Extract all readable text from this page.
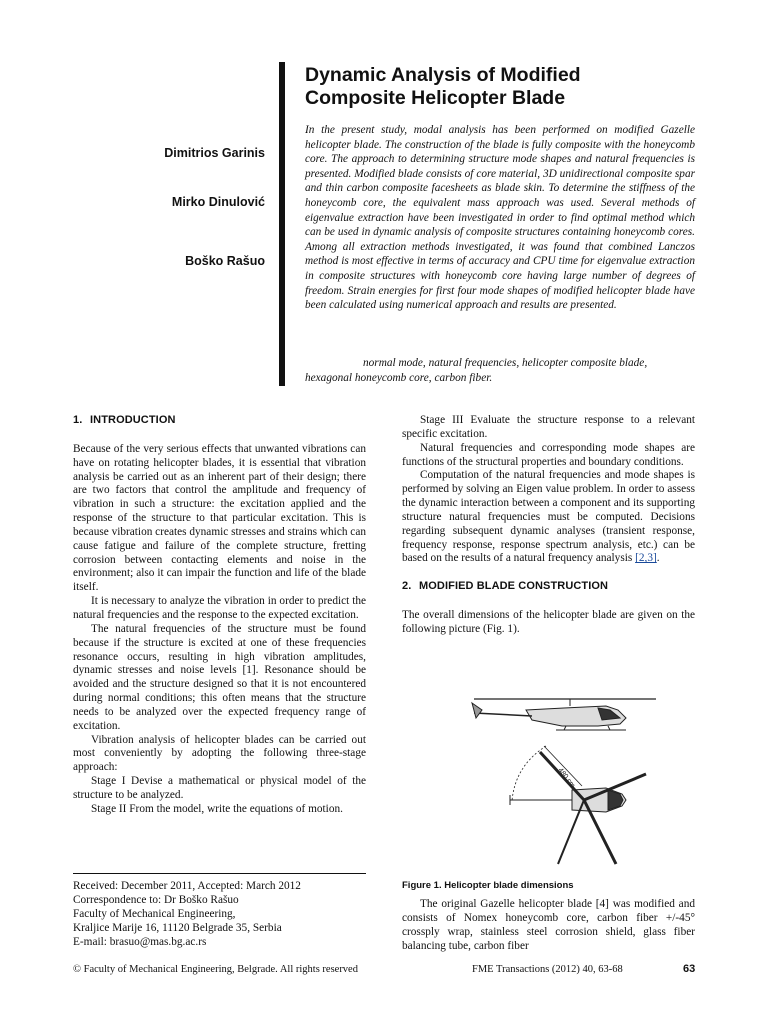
Dynamic Analysis of Modified
Composite Helicopter Blade
Dimitrios Garinis
Mirko Dinulović
Boško Rašuo

In the present study, modal analysis has been performed on modified Gazelle helicopter blade. The construction of the blade is fully composite with the honeycomb core. The approach to determining structure mode shapes and natural frequencies is presented. Modified blade consists of core material, 3D unidirectional composite spar and thin carbon composite facesheets as blade skin. To determine the stiffness of the honeycomb core, the equivalent mass approach was used. Several methods of eigenvalue extraction have been investigated in order to find optimal method which can be used in dynamic analysis of composite structures containing honeycomb cores. Among all extraction methods investigated, it was found that combined Lanczos method is most effective in terms of accuracy and CPU time for eigenvalue extraction in composite structures with honeycomb core having large number of degrees of freedom. Strain energies for first four mode shapes of modified helicopter blade have been calculated using numerical approach and results are presented.

normal mode, natural frequencies, helicopter composite blade, hexagonal honeycomb core, carbon fiber.

1. INTRODUCTION

Because of the very serious effects that unwanted vibrations can have on rotating helicopter blades, it is essential that vibration analysis be carried out as an inherent part of their design; there are two factors that control the amplitude and frequency of vibration in such a structure: the excitation applied and the response of the structure to that particular excitation. This is because vibration creates dynamic stresses and strains which can cause fatigue and failure of the complete structure, fretting corrosion between contacting elements and noise in the environment; also it can impair the function and life of the blade itself.

It is necessary to analyze the vibration in order to predict the natural frequencies and the response to the expected excitation.

The natural frequencies of the structure must be found because if the structure is excited at one of these frequencies resonance occurs, resulting in high vibration amplitudes, dynamic stresses and noise levels [1]. Resonance should be avoided and the structure designed so that it is not encountered during normal conditions; this often means that the structure needs to be analyzed over the expected frequency range of excitation.

Vibration analysis of helicopter blades can be carried out most conveniently by adopting the following three-stage approach:

Stage I Devise a mathematical or physical model of the structure to be analyzed.

Stage II From the model, write the equations of motion.

Received: December 2011, Accepted: March 2012
Correspondence to: Dr Boško Rašuo
Faculty of Mechanical Engineering,
Kraljice Marije 16, 11120 Belgrade 35, Serbia
E-mail: brasuo@mas.bg.ac.rs

Stage III Evaluate the structure response to a relevant specific excitation.

Natural frequencies and corresponding mode shapes are functions of the structural properties and boundary conditions.

Computation of the natural frequencies and mode shapes is performed by solving an Eigen value problem. In order to assess the dynamic interaction between a component and its supporting structure natural frequencies must be computed. Decisions regarding subsequent dynamic analyses (transient response, frequency response, response spectrum analysis, etc.) can be based on the results of a natural frequency analysis [2,3].

2. MODIFIED BLADE CONSTRUCTION

The overall dimensions of the helicopter blade are given on the following picture (Fig. 1).

480 cm
Figure 1. Helicopter blade dimensions

The original Gazelle helicopter blade [4] was modified and consists of Nomex honeycomb core, carbon fiber +/-45° crossply wrap, stainless steel corrosion shield, glass fiber balancing tube, carbon fiber

© Faculty of Mechanical Engineering, Belgrade. All rights reserved	FME Transactions (2012) 40, 63-68	63
